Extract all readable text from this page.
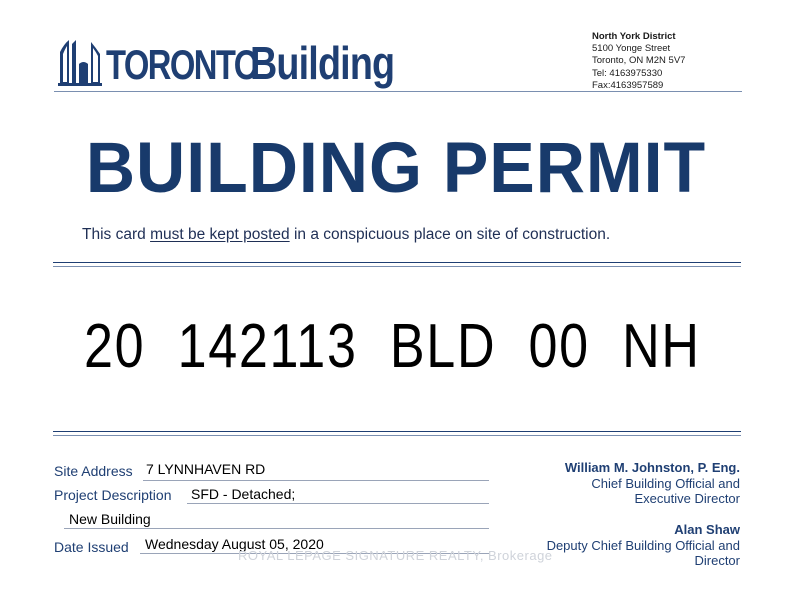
TORONTO
Building
North York District
5100 Yonge Street
Toronto, ON M2N 5V7
Tel: 4163975330
Fax:4163957589
BUILDING PERMIT
This card must be kept posted in a conspicuous place on site of construction.
20  142113  BLD  00  NH
Site Address 7 LYNNHAVEN RD
Project Description SFD - Detached;
New Building
Date Issued Wednesday August 05, 2020
ROYAL LEPAGE SIGNATURE REALTY, Brokerage
William M. Johnston, P. Eng.
Chief Building Official and
Executive Director
Alan Shaw
Deputy Chief Building Official and
Director
